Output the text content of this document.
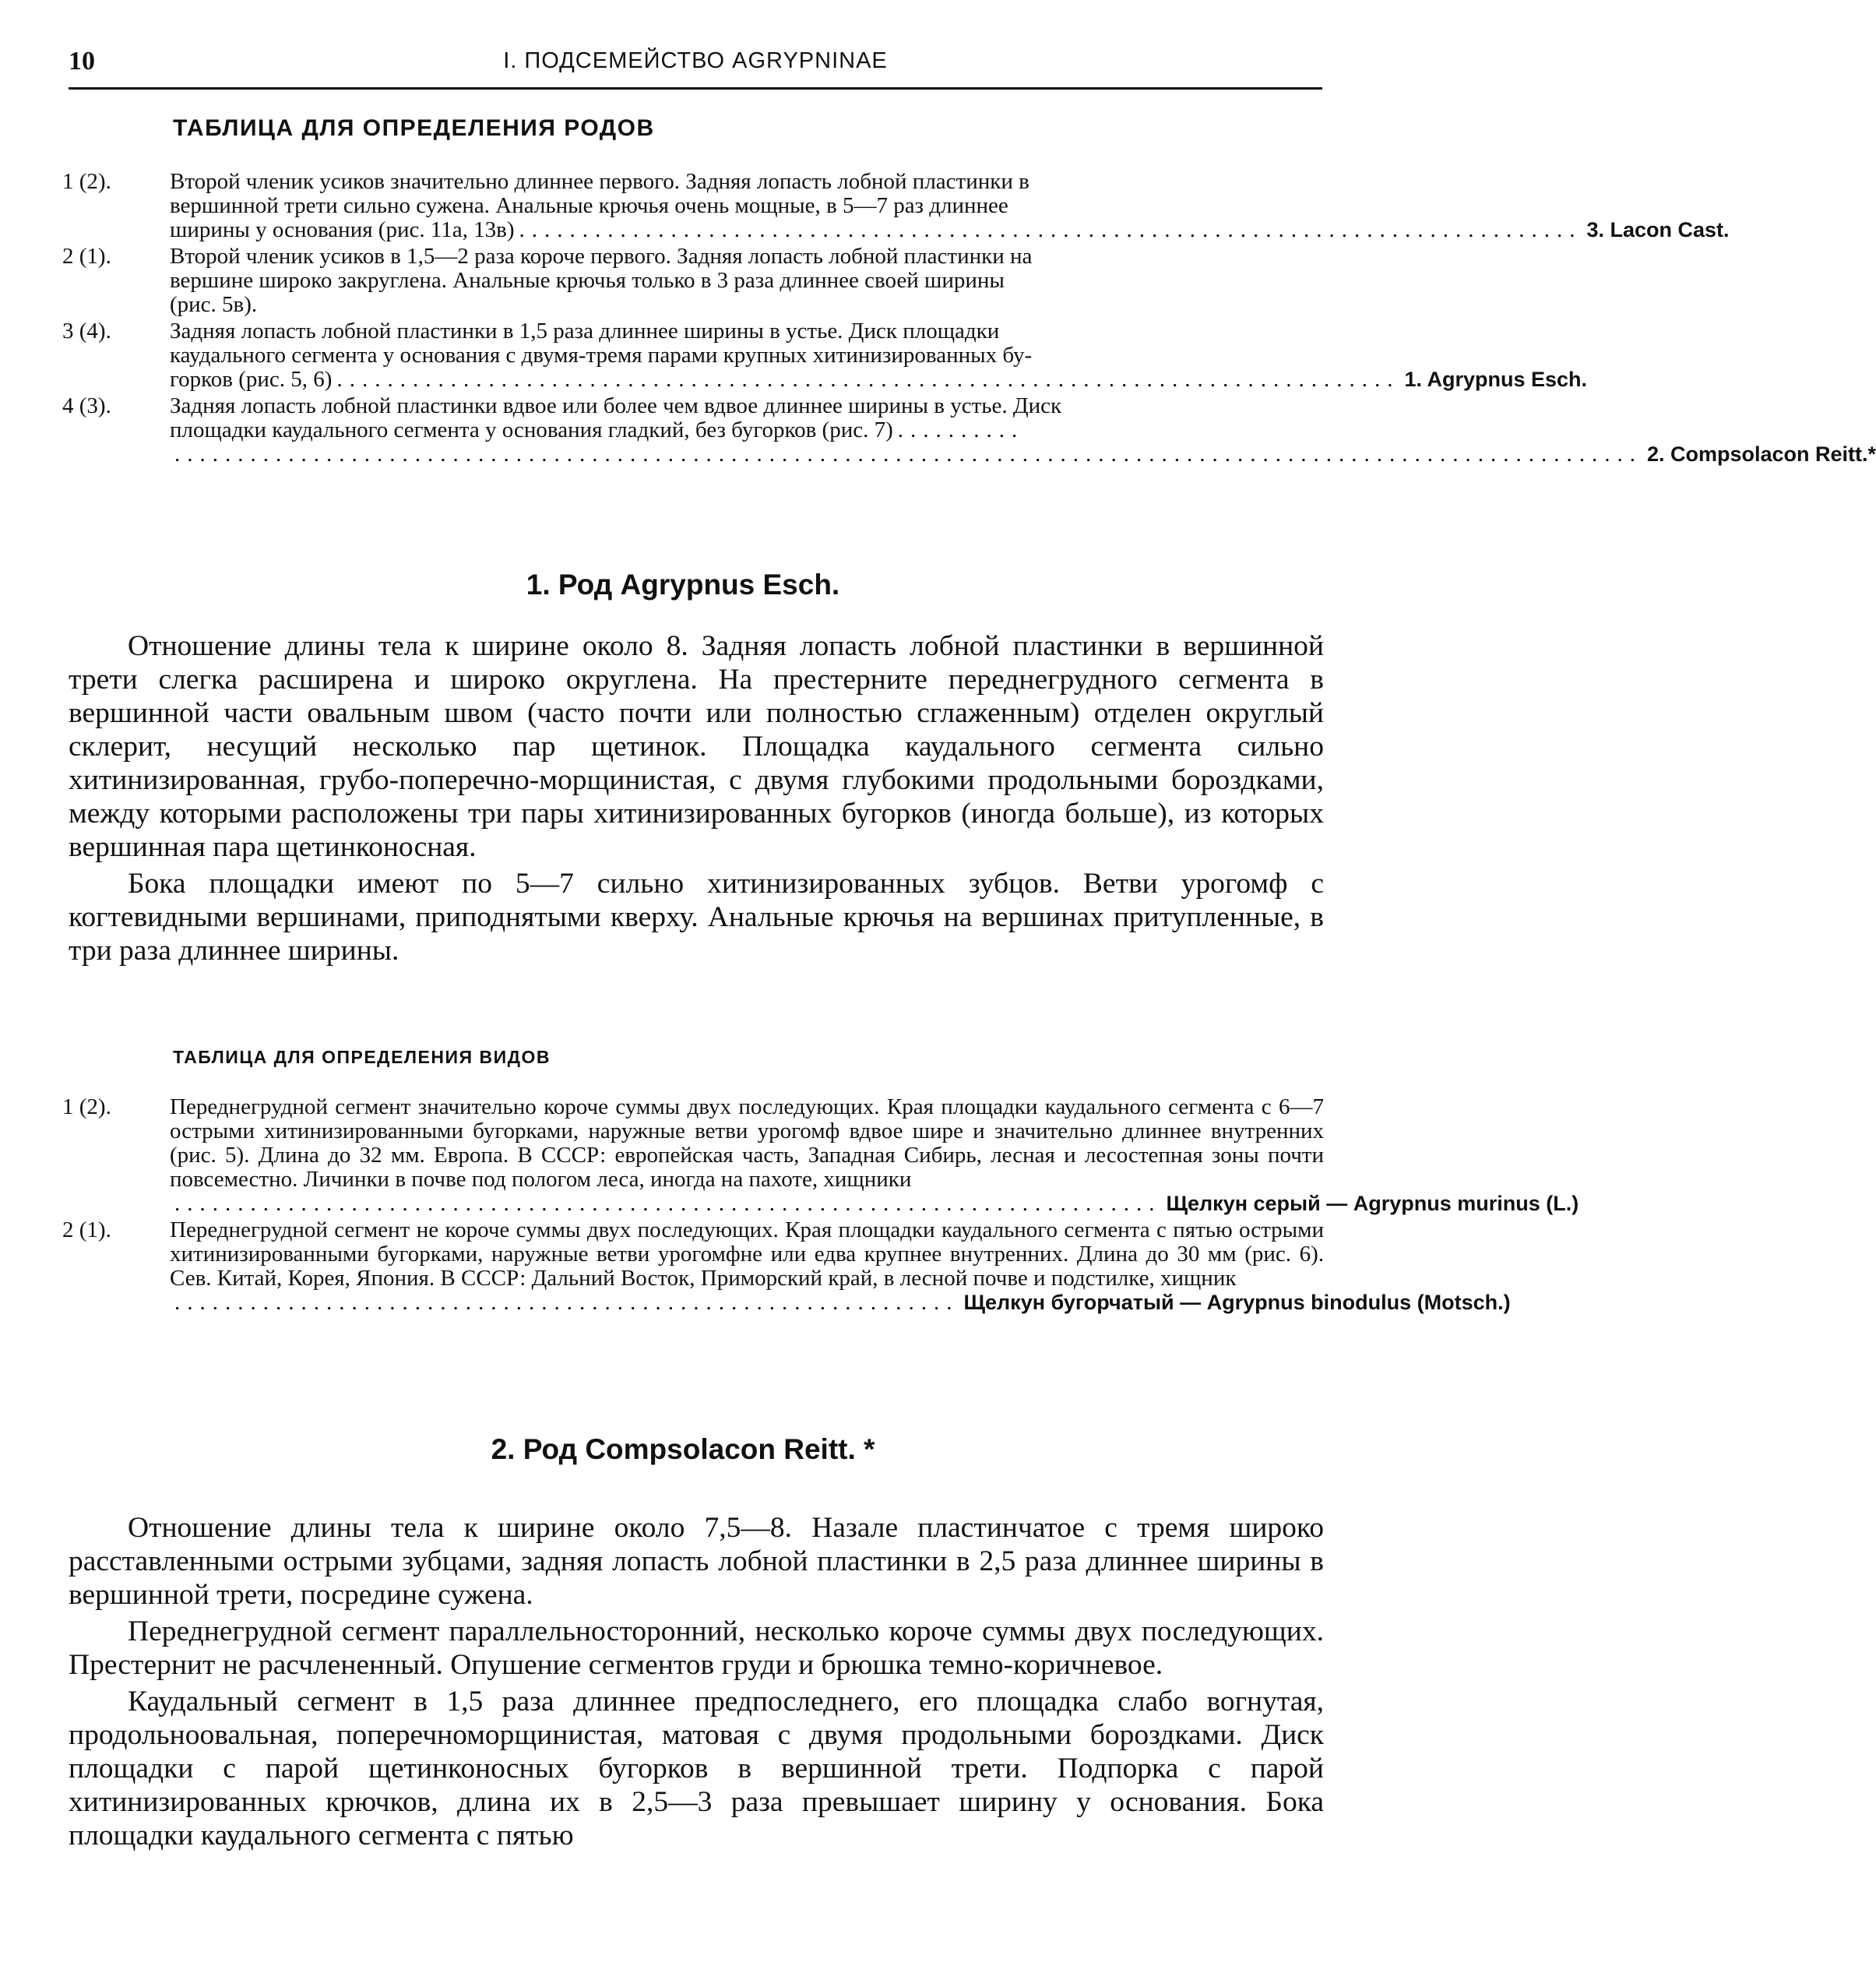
10	I. ПОДСЕМЕЙСТВО AGRYPNINAE
ТАБЛИЦА ДЛЯ ОПРЕДЕЛЕНИЯ РОДОВ
1 (2).	Второй членик усиков значительно длиннее первого. Задняя лопасть лобной пластинки в
вершинной трети сильно сужена. Анальные крючья очень мощные, в 5—7 раз длиннее
ширины у основания (рис. 11а, 13в) .................................................................................... 3. Lacon Cast.
2 (1).	Второй членик усиков в 1,5—2 раза короче первого. Задняя лопасть лобной пластинки на
вершине широко закруглена. Анальные крючья только в 3 раза длиннее своей ширины
(рис. 5в).
3 (4).	Задняя лопасть лобной пластинки в 1,5 раза длиннее ширины в устье. Диск площадки
каудального сегмента у основания с двумя-тремя парами крупных хитинизированных бу-
горков (рис. 5, 6) .................................................................................... 1. Agrypnus Esch.
4 (3).	Задняя лопасть лобной пластинки вдвое или более чем вдвое длиннее ширины в устье. Диск
площадки каудального сегмента у основания гладкий, без бугорков (рис. 7) ..........
.................................................................................................................... 2. Compsolacon Reitt.*
1. Род Agrypnus Esch.

Отношение длины тела к ширине около 8. Задняя лопасть лобной пластинки в вершинной трети слегка расширена и широко округлена. На престерните переднегрудного сегмента в вершинной части овальным швом (часто почти или полностью сглаженным) отделен округлый склерит, несущий несколько пар щетинок. Площадка каудального сегмента сильно хитинизированная, грубо-поперечно-морщинистая, с двумя глубокими продольными бороздками, между которыми расположены три пары хитинизированных бугорков (иногда больше), из которых вершинная пара щетинконосная.

Бока площадки имеют по 5—7 сильно хитинизированных зубцов. Ветви урогомф с когтевидными вершинами, приподнятыми кверху. Анальные крючья на вершинах притупленные, в три раза длиннее ширины.

ТАБЛИЦА ДЛЯ ОПРЕДЕЛЕНИЯ ВИДОВ
1 (2).	Переднегрудной сегмент значительно короче суммы двух последующих. Края площадки каудального сегмента с 6—7 острыми хитинизированными бугорками, наружные ветви урогомф вдвое шире и значительно длиннее внутренних (рис. 5). Длина до 32 мм. Европа. В СССР: европейская часть, Западная Сибирь, лесная и лесостепная зоны почти повсеместно. Личинки в почве под пологом леса, иногда на пахоте, хищники
.............................................................................. Щелкун серый — Agrypnus murinus (L.)
2 (1).	Переднегрудной сегмент не короче суммы двух последующих. Края площадки каудального сегмента с пятью острыми хитинизированными бугорками, наружные ветви урогомфне или едва крупнее внутренних. Длина до 30 мм (рис. 6). Сев. Китай, Корея, Япония. В СССР: Дальний Восток, Приморский край, в лесной почве и подстилке, хищник
.............................................................. Щелкун бугорчатый — Agrypnus binodulus (Motsch.)
2. Род Compsolacon Reitt. *

Отношение длины тела к ширине около 7,5—8. Назале пластинчатое с тремя широко расставленными острыми зубцами, задняя лопасть лобной пластинки в 2,5 раза длиннее ширины в вершинной трети, посредине сужена.

Переднегрудной сегмент параллельносторонний, несколько короче суммы двух последующих. Престернит не расчлененный. Опушение сегментов груди и брюшка темно-коричневое.

Каудальный сегмент в 1,5 раза длиннее предпоследнего, его площадка слабо вогнутая, продольноовальная, поперечноморщинистая, матовая с двумя продольными бороздками. Диск площадки с парой щетинконосных бугорков в вершинной трети. Подпорка с парой хитинизированных крючков, длина их в 2,5—3 раза превышает ширину у основания. Бока площадки каудального сегмента с пятью
